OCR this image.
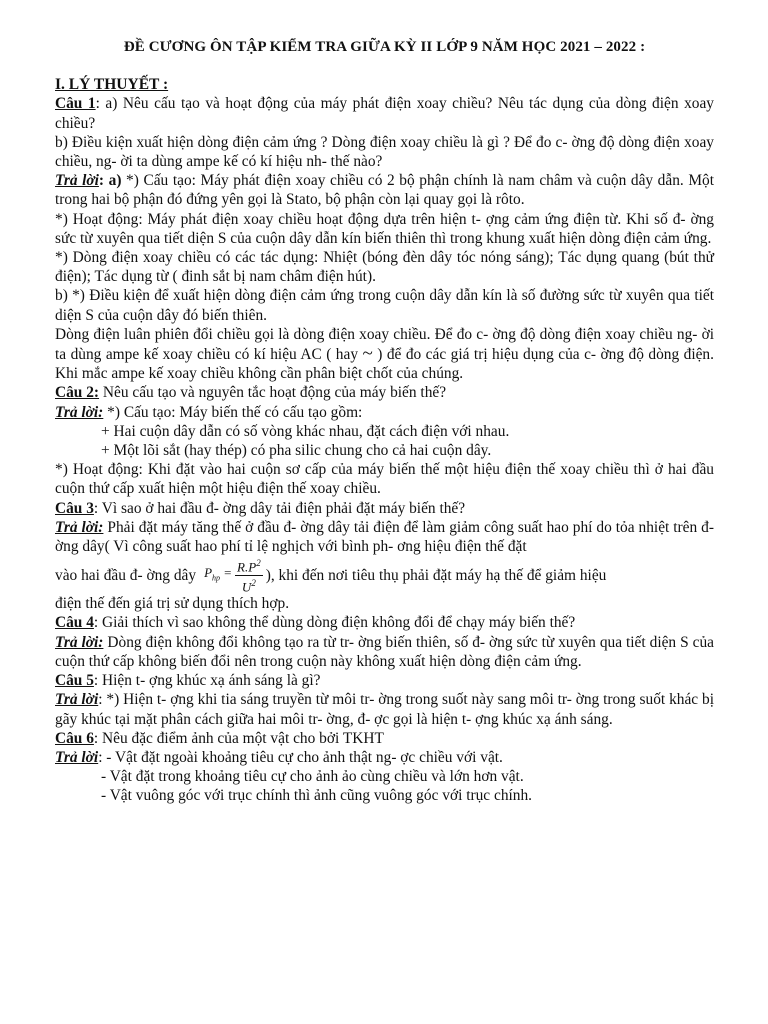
ĐỀ CƯƠNG ÔN TẬP KIỂM TRA GIỮA KỲ II LỚP 9 NĂM HỌC 2021 – 2022 :

I. LÝ THUYẾT :

Câu 1: a) Nêu cấu tạo và hoạt động của máy phát điện xoay chiều? Nêu tác dụng của dòng điện xoay chiều?

b) Điều kiện xuất hiện dòng điện cảm ứng ? Dòng điện xoay chiều là gì ? Để đo c- ờng độ dòng điện xoay chiều, ng- ời ta dùng ampe kế có kí hiệu nh- thế nào?

Trả lời: a) *) Cấu tạo: Máy phát điện xoay chiều có 2 bộ phận chính là nam châm và cuộn dây dẫn. Một trong hai bộ phận đó đứng yên gọi là Stato, bộ phận còn lại quay gọi là rôto.

*) Hoạt động: Máy phát điện xoay chiều hoạt động dựa trên hiện t- ợng cảm ứng điện từ. Khi số đ- ờng sức từ xuyên qua tiết diện S của cuộn dây dẫn kín biến thiên thì trong khung xuất hiện dòng điện cảm ứng.

*) Dòng điện xoay chiều có các tác dụng: Nhiệt (bóng đèn dây tóc nóng sáng); Tác dụng quang (bút thử điện); Tác dụng từ ( đinh sắt bị nam châm điện hút).

b) *) Điều kiện để xuất hiện dòng điện cảm ứng trong cuộn dây dẫn kín là số đường sức từ xuyên qua tiết diện S của cuộn dây đó biến thiên.

Dòng điện luân phiên đổi chiều gọi là dòng điện xoay chiều. Để đo c- ờng độ dòng điện xoay chiều ng- ời ta dùng ampe kế xoay chiều có kí hiệu AC ( hay ~ ) để đo các giá trị hiệu dụng của c- ờng độ dòng điện. Khi mắc ampe kế xoay chiều không cần phân biệt chốt của chúng.

Câu 2: Nêu cấu tạo và nguyên tắc hoạt động của máy biến thế?

Trả lời: *) Cấu tạo: Máy biến thế có cấu tạo gồm:

+ Hai cuộn dây dẫn có số vòng khác nhau, đặt cách điện với nhau.

+ Một lõi sắt (hay thép) có pha silic chung cho cả hai cuộn dây.

*) Hoạt động: Khi đặt vào hai cuộn sơ cấp của máy biến thế một hiệu điện thế xoay chiều thì ở hai đầu cuộn thứ cấp xuất hiện một hiệu điện thế xoay chiều.

Câu 3: Vì sao ở hai đầu đ- ờng dây tải điện phải đặt máy biến thế?

Trả lời: Phải đặt máy tăng thế ở đầu đ- ờng dây tải điện để làm giảm công suất hao phí do tỏa nhiệt trên đ- ờng dây( Vì công suất hao phí tỉ lệ nghịch với bình ph- ơng hiệu điện thế đặt

vào hai đầu đ- ờng dây $P_{hp} = \frac{R.P^2}{U^2}$ ), khi đến nơi tiêu thụ phải đặt máy hạ thế để giảm hiệu

điện thế đến giá trị sử dụng thích hợp.

Câu 4: Giải thích vì sao không thể dùng dòng điện không đổi để chạy máy biến thế?

Trả lời: Dòng điện không đổi không tạo ra từ tr- ờng biến thiên, số đ- ờng sức từ xuyên qua tiết diện S của cuộn thứ cấp không biến đổi nên trong cuộn này không xuất hiện dòng điện cảm ứng.

Câu 5: Hiện t- ợng khúc xạ ánh sáng là gì?

Trả lời: *) Hiện t- ợng khi tia sáng truyền từ môi tr- ờng trong suốt này sang môi tr- ờng trong suốt khác bị gãy khúc tại mặt phân cách giữa hai môi tr- ờng, đ- ợc gọi là hiện t- ợng khúc xạ ánh sáng.

Câu 6: Nêu đặc điểm ảnh của một vật cho bởi TKHT

Trả lời: - Vật đặt ngoài khoảng tiêu cự cho ảnh thật ng- ợc chiều với vật.

- Vật đặt trong khoảng tiêu cự cho ảnh ảo cùng chiều và lớn hơn vật.

- Vật vuông góc với trục chính thì ảnh cũng vuông góc với trục chính.
